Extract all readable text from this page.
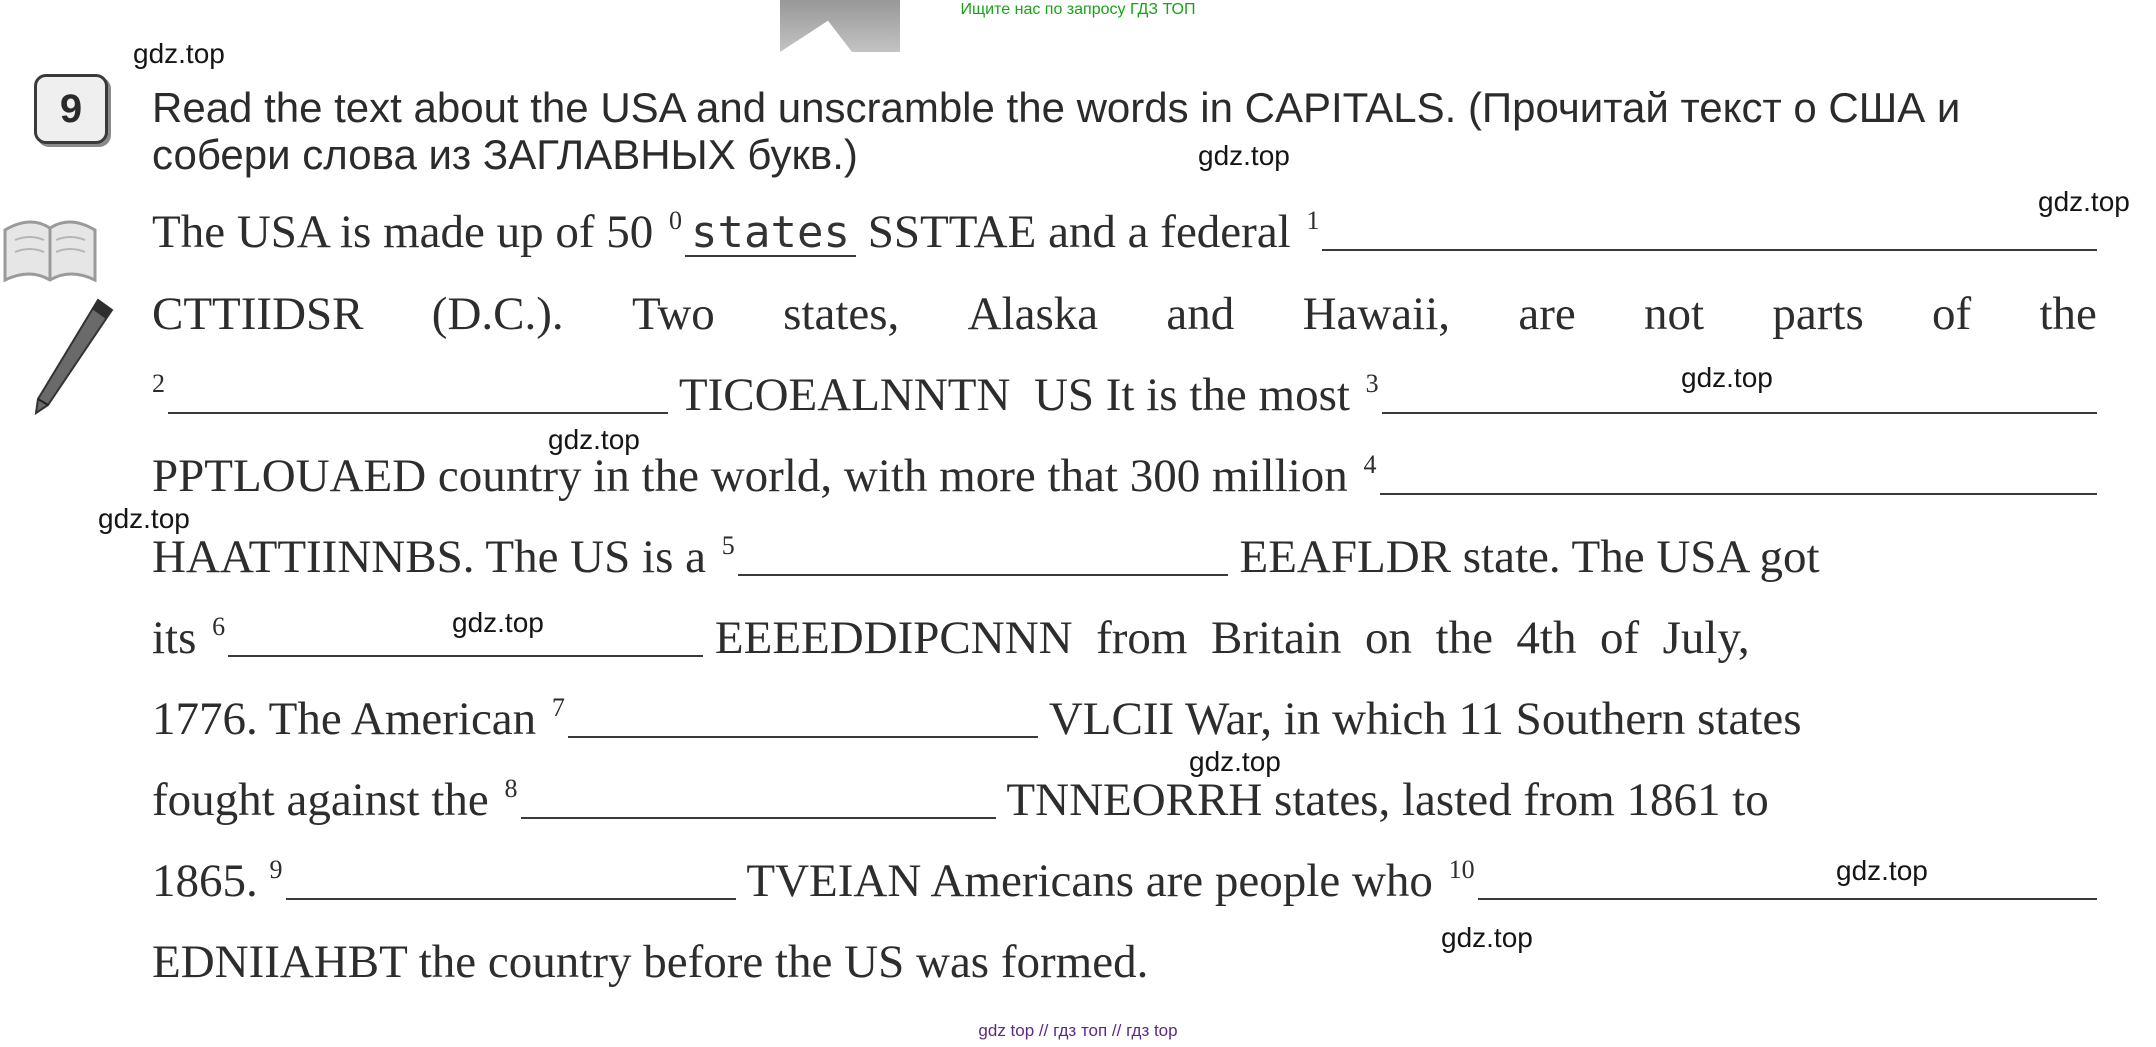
Ищите нас по запросу ГДЗ ТОП
gdz top // гдз топ // гдз top
9	Read the text about the USA and unscramble the words in CAPITALS. (Прочитай текст о США и собери слова из ЗАГЛАВНЫХ букв.)
The USA is made up of 50 0 states SSTTAE and a federal 1
CTTIIDSR (D.C.). Two states, Alaska and Hawaii, are not parts of the
2	TICOEALNNTN  US It is the most 3
PPTLOUAED country in the world, with more that 300 million 4
HAATTIINNBS. The US is a 5	EEAFLDR state. The USA got
its 6	EEEEDDIPCNNN  from  Britain  on  the  4th  of  July,
1776. The American 7	VLCII War, in which 11 Southern states
fought against the 8	TNNEORRH states, lasted from 1861 to
1865. 9	TVEIAN Americans are people who 10
EDNIIAHBT the country before the US was formed.
gdz.top
gdz.top
gdz.top
gdz.top
gdz.top
gdz.top
gdz.top
gdz.top
gdz.top
gdz.top
